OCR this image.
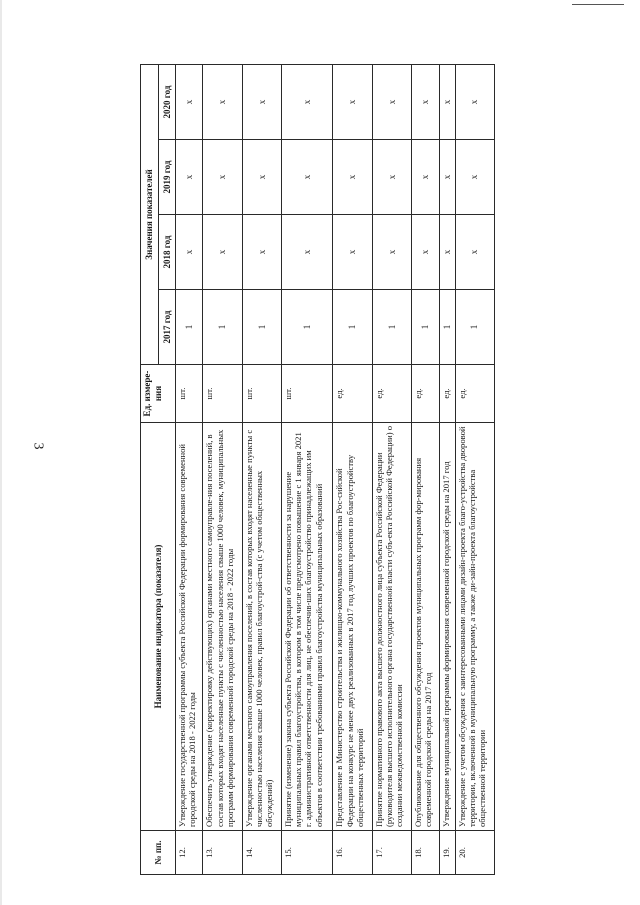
3
№ пп.	Наименование индикатора (показателя)	Ед. измере-ния	Значения показателей			
			2017 год	2018 год	2019 год	2020 год
12.	Утверждение государственной программы субъекта Российской Федерации формирования современной городской среды на 2018 - 2022 годы	шт.	1	x	x	x
13.	Обеспечить утверждение (корректировку действующих) органами местного самоуправле-ния поселений, в состав которых входят населенные пункты с численностью населения свыше 1000 человек, муниципальных программ формирования современной городской среды на 2018 - 2022 годы	шт.	1	x	x	x
14.	Утверждение органами местного самоуправления поселений, в состав которых входят населенные пункты с численностью населения свыше 1000 человек, правил благоустрой-ства (с учетом общественных обсуждений)	шт.	1	x	x	x
15.	Принятие (изменение) закона субъекта Российской Федерации об ответственности за нарушение муниципальных правил благоустройства, в котором в том числе предусмотрено повышение с 1 января 2021 г. административной ответственности для лиц, не обеспечив-ших благоустройство принадлежащих им объектов в соответствии требованиями правил благоустройства муниципальных образований	шт.	1	x	x	x
16.	Представление в Министерство строительства и жилищно-коммунального хозяйства Рос-сийской Федерации на конкурс не менее двух реализованных в 2017 год лучших проектов по благоустройству общественных территорий	ед.	1	x	x	x
17.	Принятие нормативного правового акта высшего должностного лица субъекта Российской Федерации (руководителя высшего исполнительного органа государственной власти субъ-екта Российской Федерации) о создании межведомственной комиссии	ед.	1	x	x	x
18.	Опубликование для общественного обсуждения проектов муниципальных программ фор-мирования современной городской среды на 2017 год	ед.	1	x	x	x
19.	Утверждение муниципальной программы формирования современной городской среды на 2017 год	ед.	1	x	x	x
20.	Утверждение с учетом обсуждения с заинтересованными лицами дизайн-проекта благо-устройства дворовой территории, включенной в муниципальную программу, а также ди-зайн-проекта благоустройства общественной территории	ед.	1	x	x	x
